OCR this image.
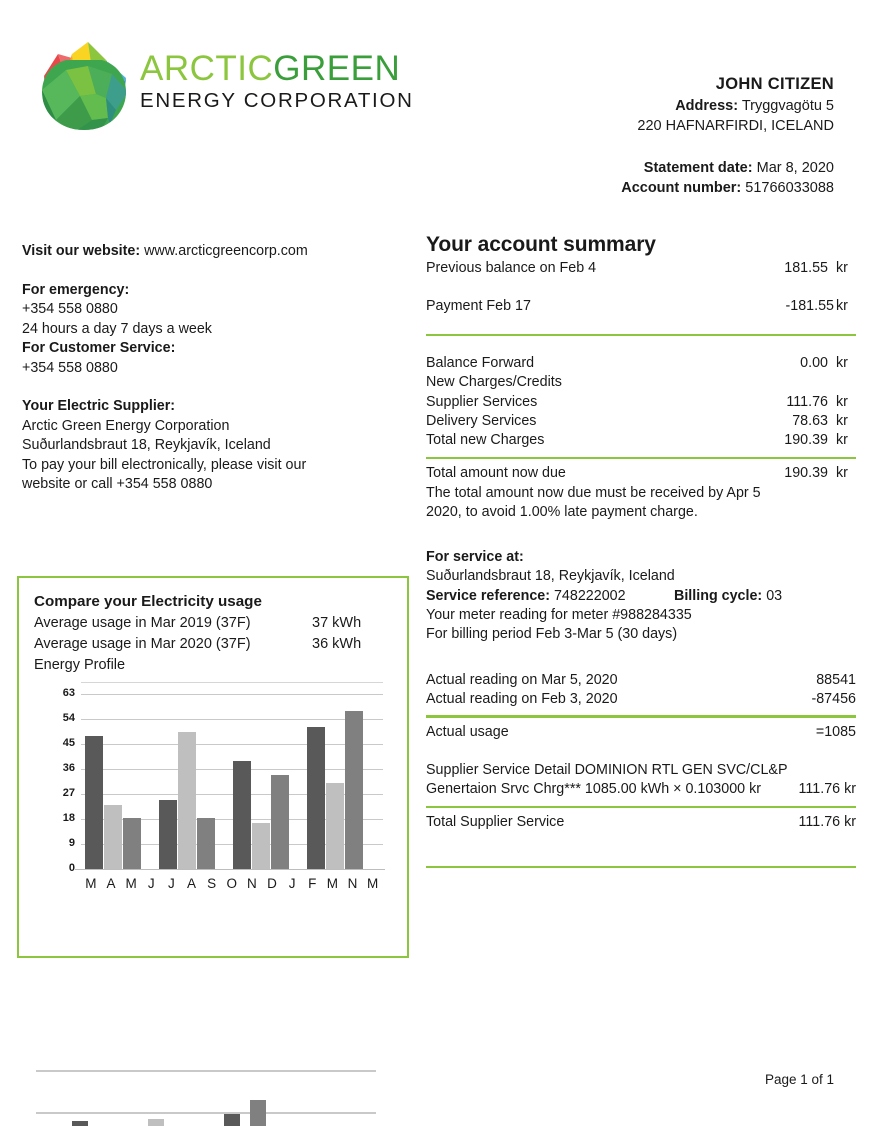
ARCTICGREEN
ENERGY CORPORATION
JOHN CITIZEN
Address: Tryggvagötu 5
220 HAFNARFIRDI, ICELAND
Statement date: Mar 8, 2020
Account number: 51766033088
Visit our website: www.arcticgreencorp.com
For emergency:
+354 558 0880
24 hours a day 7 days a week
For Customer Service:
+354 558 0880
Your Electric Supplier:
Arctic Green Energy Corporation
Suðurlandsbraut 18, Reykjavík, Iceland
To pay your bill electronically, please visit our
website or call +354 558 0880
Compare your Electricity usage
Average usage in Mar 2019 (37F)	37 kWh
Average usage in Mar 2020 (37F)	36 kWh
Energy Profile
0
9
18
27
36
45
54
63
M A M J J A S O N D J F M N M
Your account summary
Previous balance on Feb 4	181.55 kr
Payment Feb 17	-181.55 kr
Balance Forward	0.00 kr
New Charges/Credits
Supplier Services	111.76 kr
Delivery Services	78.63 kr
Total new Charges	190.39 kr
Total amount now due	190.39 kr
The total amount now due must be received by Apr 5
2020, to avoid 1.00% late payment charge.
For service at:
Suðurlandsbraut 18, Reykjavík, Iceland
Service reference: 748222002	Billing cycle: 03
Your meter reading for meter #988284335
For billing period Feb 3-Mar 5 (30 days)
Actual reading on Mar 5, 2020	88541
Actual reading on Feb 3, 2020	-87456
Actual usage	=1085
Supplier Service Detail DOMINION RTL GEN SVC/CL&P
Genertaion Srvc Chrg*** 1085.00 kWh × 0.103000 kr	111.76 kr
Total Supplier Service	111.76 kr
Page 1 of 1
